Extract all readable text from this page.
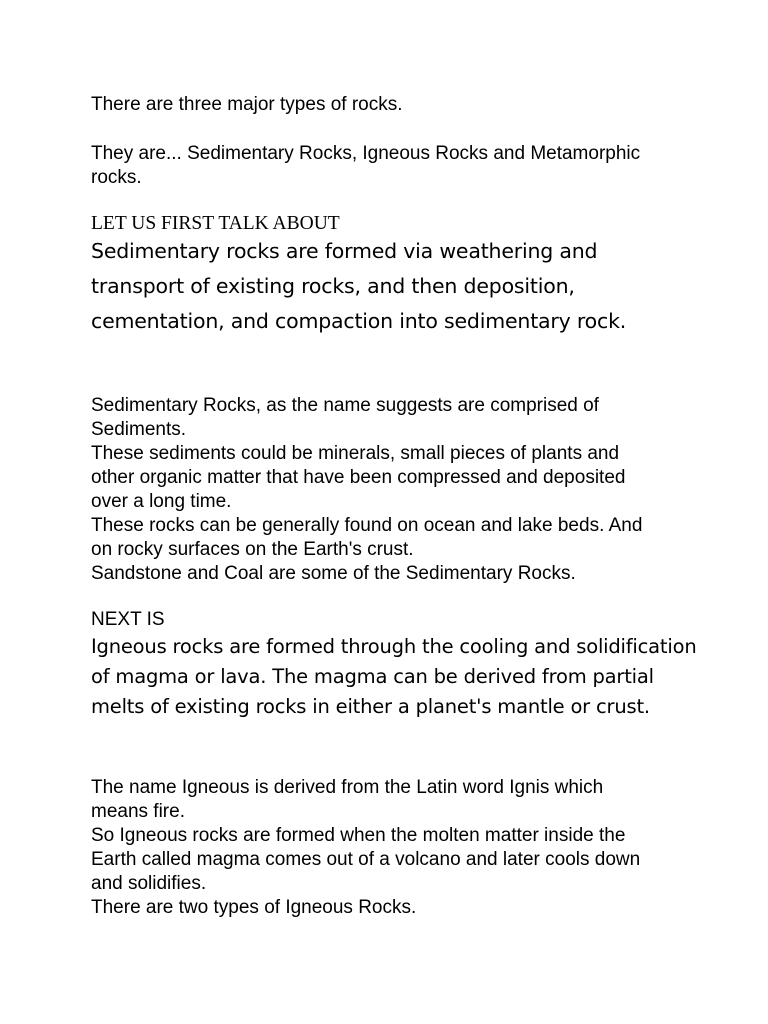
There are three major types of rocks.

They are... Sedimentary Rocks, Igneous Rocks and Metamorphic
rocks.

LET US FIRST TALK ABOUT

Sedimentary rocks are formed via weathering and
transport of existing rocks, and then deposition,
cementation, and compaction into sedimentary rock.

Sedimentary Rocks, as the name suggests are comprised of
Sediments.
These sediments could be minerals, small pieces of plants and
other organic matter that have been compressed and deposited
over a long time.
These rocks can be generally found on ocean and lake beds. And
on rocky surfaces on the Earth's crust.
Sandstone and Coal are some of the Sedimentary Rocks.

NEXT IS

Igneous rocks are formed through the cooling and solidification
of magma or lava. The magma can be derived from partial
melts of existing rocks in either a planet's mantle or crust.

The name Igneous is derived from the Latin word Ignis which
means fire.
So Igneous rocks are formed when the molten matter inside the
Earth called magma comes out of a volcano and later cools down
and solidifies.
There are two types of Igneous Rocks.
